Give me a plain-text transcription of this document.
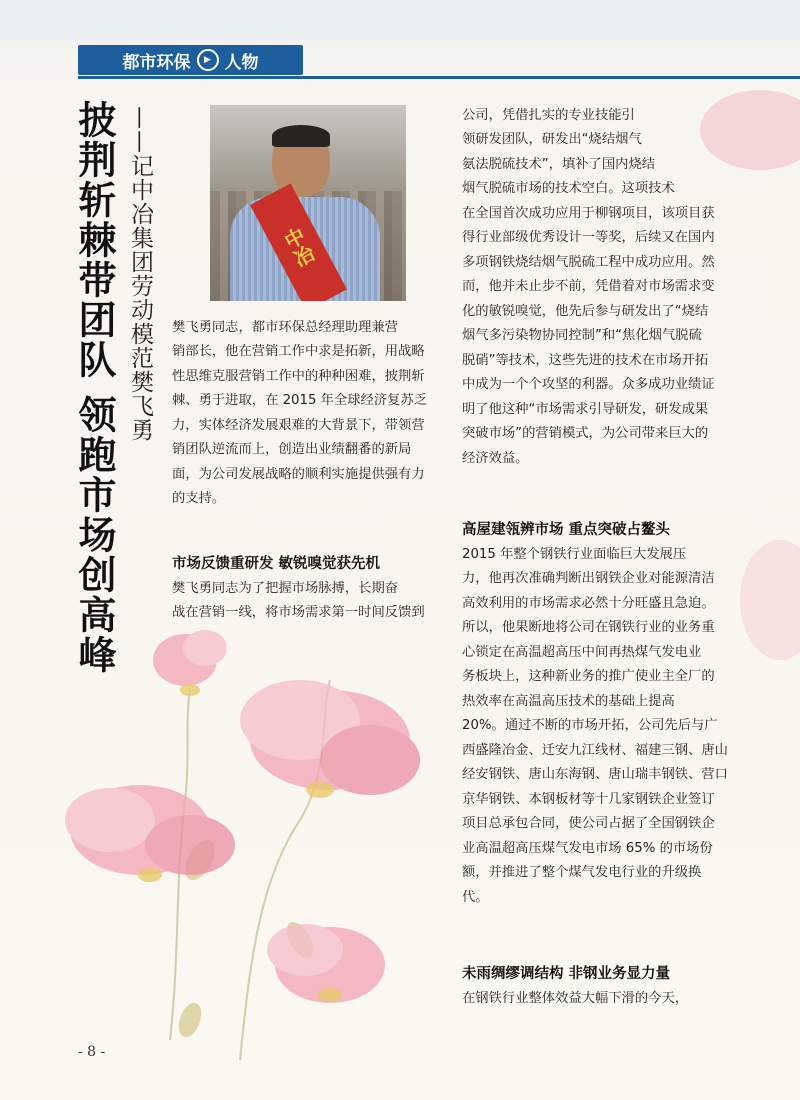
都市环保	▶ 人物
披荆斩棘带团队 领跑市场创高峰 ——记中冶集团劳动模范樊飞勇	中冶

樊飞勇同志，都市环保总经理助理兼营

销部长，他在营销工作中求是拓新，用战略

性思维克服营销工作中的种种困难，披荆斩

棘、勇于进取，在 2015 年全球经济复苏乏

力，实体经济发展艰难的大背景下，带领营

销团队逆流而上，创造出业绩翻番的新局

面，为公司发展战略的顺利实施提供强有力

的支持。

市场反馈重研发 敏锐嗅觉获先机

樊飞勇同志为了把握市场脉搏，长期奋

战在营销一线，将市场需求第一时间反馈到

公司，凭借扎实的专业技能引

领研发团队，研发出“烧结烟气

氨法脱硫技术”，填补了国内烧结

烟气脱硫市场的技术空白。这项技术

在全国首次成功应用于柳钢项目，该项目获

得行业部级优秀设计一等奖，后续又在国内

多项钢铁烧结烟气脱硫工程中成功应用。然

而，他并未止步不前，凭借着对市场需求变

化的敏锐嗅觉，他先后参与研发出了“烧结

烟气多污染物协同控制”和“焦化烟气脱硫

脱硝”等技术，这些先进的技术在市场开拓

中成为一个个攻坚的利器。众多成功业绩证

明了他这种“市场需求引导研发，研发成果

突破市场”的营销模式，为公司带来巨大的

经济效益。

高屋建瓴辨市场 重点突破占鳌头

2015 年整个钢铁行业面临巨大发展压

力，他再次准确判断出钢铁企业对能源清洁

高效利用的市场需求必然十分旺盛且急迫。

所以，他果断地将公司在钢铁行业的业务重

心锁定在高温超高压中间再热煤气发电业

务板块上，这种新业务的推广使业主全厂的

热效率在高温高压技术的基础上提高

20%。通过不断的市场开拓，公司先后与广

西盛隆冶金、迁安九江线材、福建三钢、唐山

经安钢铁、唐山东海钢、唐山瑞丰钢铁、营口

京华钢铁、本钢板材等十几家钢铁企业签订

项目总承包合同，使公司占据了全国钢铁企

业高温超高压煤气发电市场 65% 的市场份

额，并推进了整个煤气发电行业的升级换

代。

未雨绸缪调结构 非钢业务显力量

在钢铁行业整体效益大幅下滑的今天，

- 8 -
